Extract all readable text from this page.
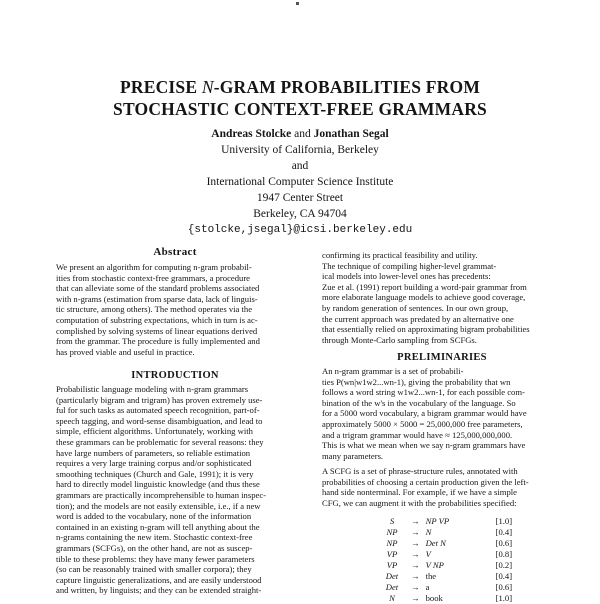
PRECISE N-GRAM PROBABILITIES FROM
STOCHASTIC CONTEXT-FREE GRAMMARS
Andreas Stolcke and Jonathan Segal
University of California, Berkeley
and
International Computer Science Institute
1947 Center Street
Berkeley, CA 94704
{stolcke,jsegal}@icsi.berkeley.edu
Abstract
We present an algorithm for computing n-gram probabil-
ities from stochastic context-free grammars, a procedure
that can alleviate some of the standard problems associated
with n-grams (estimation from sparse data, lack of linguis-
tic structure, among others). The method operates via the
computation of substring expectations, which in turn is ac-
complished by solving systems of linear equations derived
from the grammar. The procedure is fully implemented and
has proved viable and useful in practice.
INTRODUCTION
Probabilistic language modeling with n-gram grammars
(particularly bigram and trigram) has proven extremely use-
ful for such tasks as automated speech recognition, part-of-
speech tagging, and word-sense disambiguation, and lead to
simple, efficient algorithms. Unfortunately, working with
these grammars can be problematic for several reasons: they
have large numbers of parameters, so reliable estimation
requires a very large training corpus and/or sophisticated
smoothing techniques (Church and Gale, 1991); it is very
hard to directly model linguistic knowledge (and thus these
grammars are practically incomprehensible to human inspec-
tion); and the models are not easily extensible, i.e., if a new
word is added to the vocabulary, none of the information
contained in an existing n-gram will tell anything about the
n-grams containing the new item. Stochastic context-free
grammars (SCFGs), on the other hand, are not as suscep-
tible to these problems: they have many fewer parameters
(so can be reasonably trained with smaller corpora); they
capture linguistic generalizations, and are easily understood
and written, by linguists; and they can be extended straight-
confirming its practical feasibility and utility.
The technique of compiling higher-level grammat-
ical models into lower-level ones has precedents:
Zue et al. (1991) report building a word-pair grammar from
more elaborate language models to achieve good coverage,
by random generation of sentences. In our own group,
the current approach was predated by an alternative one
that essentially relied on approximating bigram probabilities
through Monte-Carlo sampling from SCFGs.
PRELIMINARIES
An n-gram grammar is a set of probabili-
ties P(wn|w1w2...wn-1), giving the probability that wn
follows a word string w1w2...wn-1, for each possible com-
bination of the w's in the vocabulary of the language. So
for a 5000 word vocabulary, a bigram grammar would have
approximately 5000 × 5000 = 25,000,000 free parameters,
and a trigram grammar would have ≈ 125,000,000,000.
This is what we mean when we say n-gram grammars have
many parameters.
A SCFG is a set of phrase-structure rules, annotated with
probabilities of choosing a certain production given the left-
hand side nonterminal. For example, if we have a simple
CFG, we can augment it with the probabilities specified:
S	→	NP VP	[1.0]
NP	→	N	[0.4]
NP	→	Det N	[0.6]
VP	→	V	[0.8]
VP	→	V NP	[0.2]
Det	→	the	[0.4]
Det	→	a	[0.6]
N	→	book	[1.0]
